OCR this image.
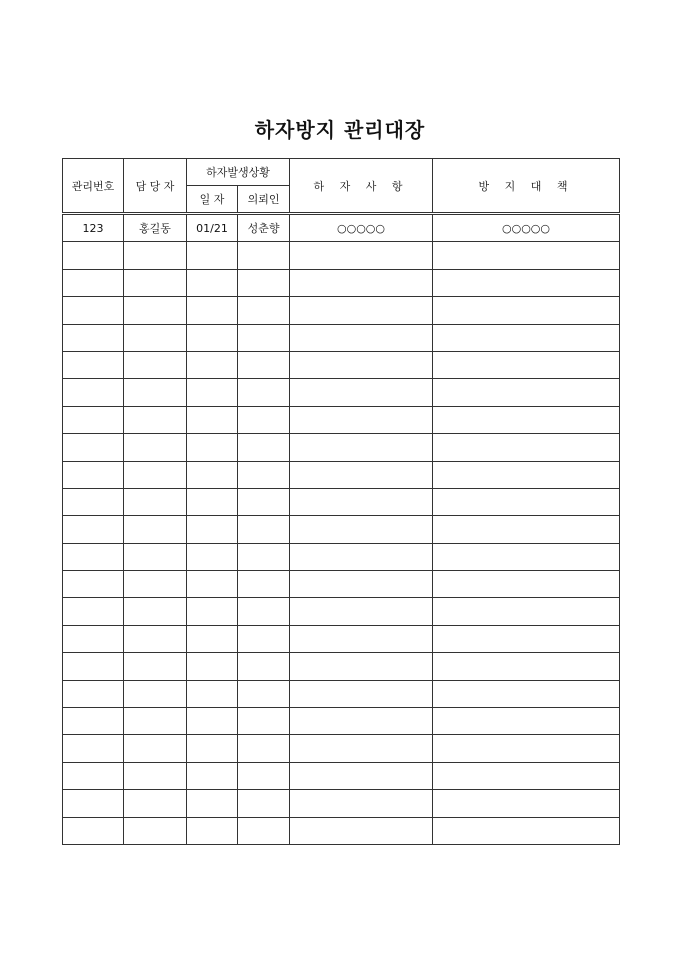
하자방지 관리대장
관리번호	담 당 자	하자발생상황		하 자 사 항	방 지 대 책
		일 자	의뢰인		
123	홍길동	01/21	성춘향	○○○○○	○○○○○
